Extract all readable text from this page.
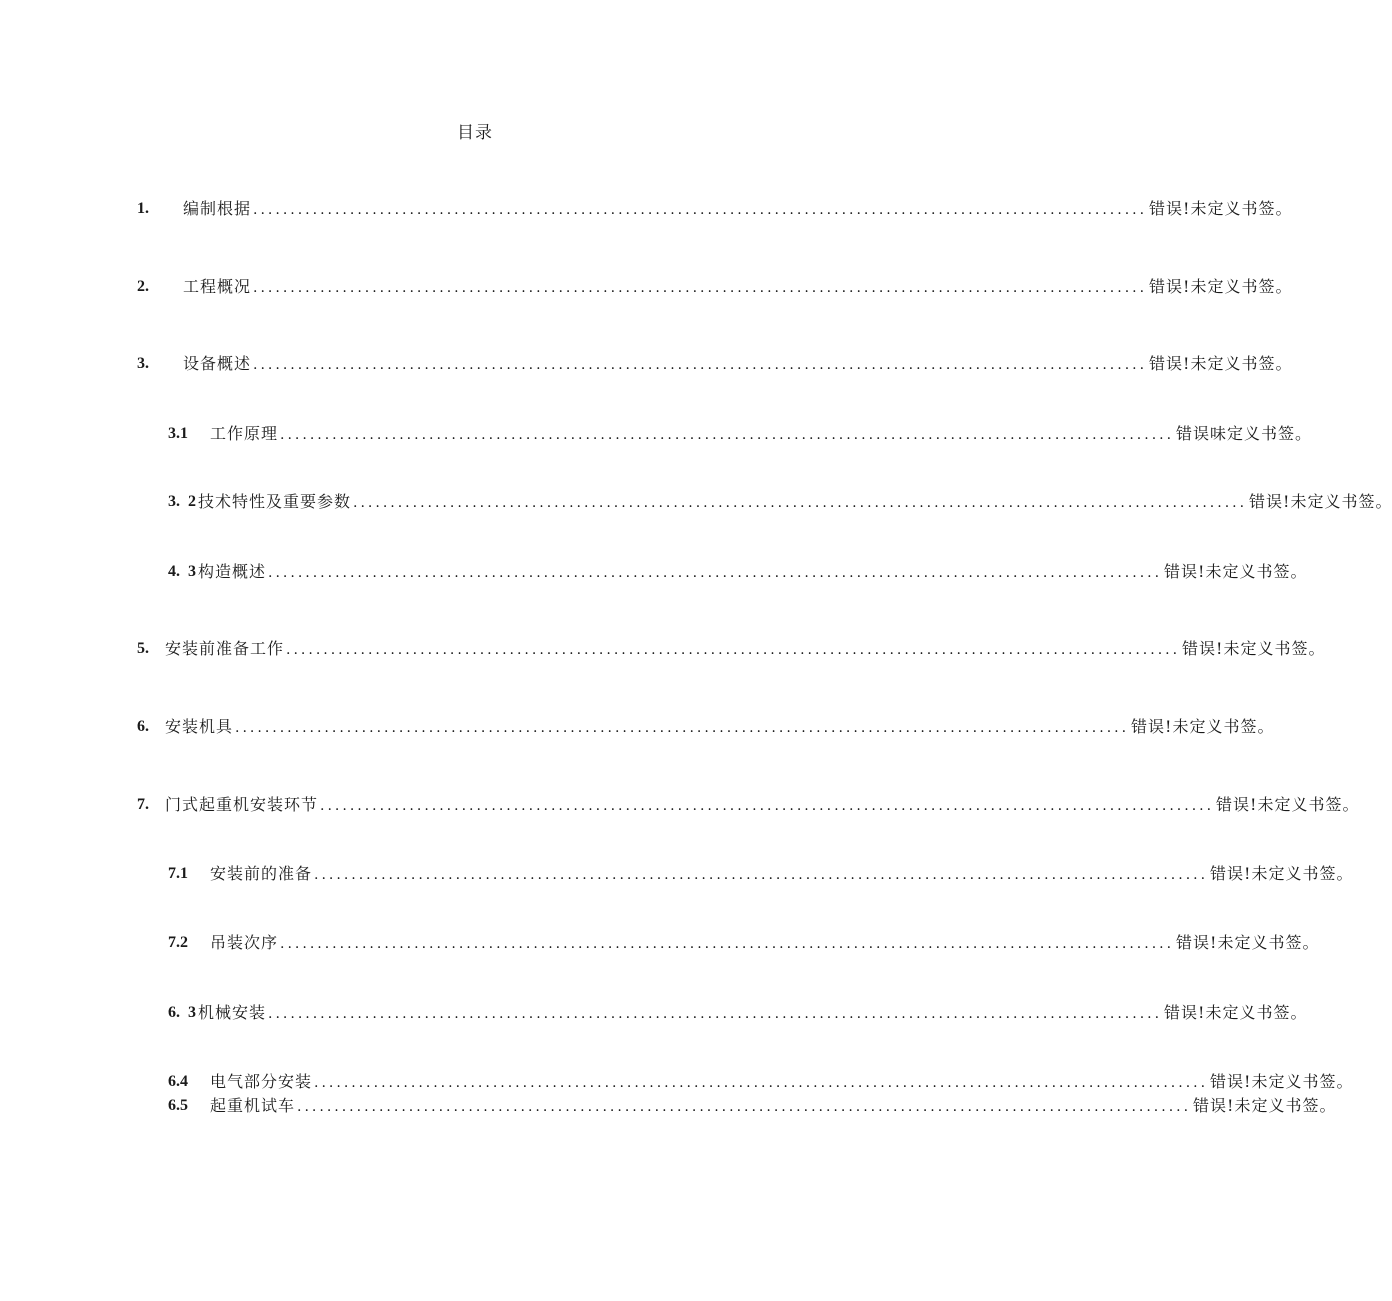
目录
1.	编制根据 ........................................................................................................................ 错误!未定义书签。
2.	工程概况 ........................................................................................................................ 错误!未定义书签。
3.	设备概述 ........................................................................................................................ 错误!未定义书签。
3.1	工作原理 ........................................................................................................................ 错误味定义书签。
3.  2 技术特性及重要参数 ........................................................................................................................ 错误!未定义书签。
4.  3 构造概述 ........................................................................................................................ 错误!未定义书签。
5.	安装前准备工作 ........................................................................................................................ 错误!未定义书签。
6.	安装机具 ........................................................................................................................ 错误!未定义书签。
7.	门式起重机安装环节 ........................................................................................................................ 错误!未定义书签。
7.1	安装前的准备 ........................................................................................................................ 错误!未定义书签。
7.2	吊装次序 ........................................................................................................................ 错误!未定义书签。
6.  3 机械安装 ........................................................................................................................ 错误!未定义书签。
6.4	电气部分安装 ........................................................................................................................ 错误!未定义书签。
6.5	起重机试车 ........................................................................................................................ 错误!未定义书签。
